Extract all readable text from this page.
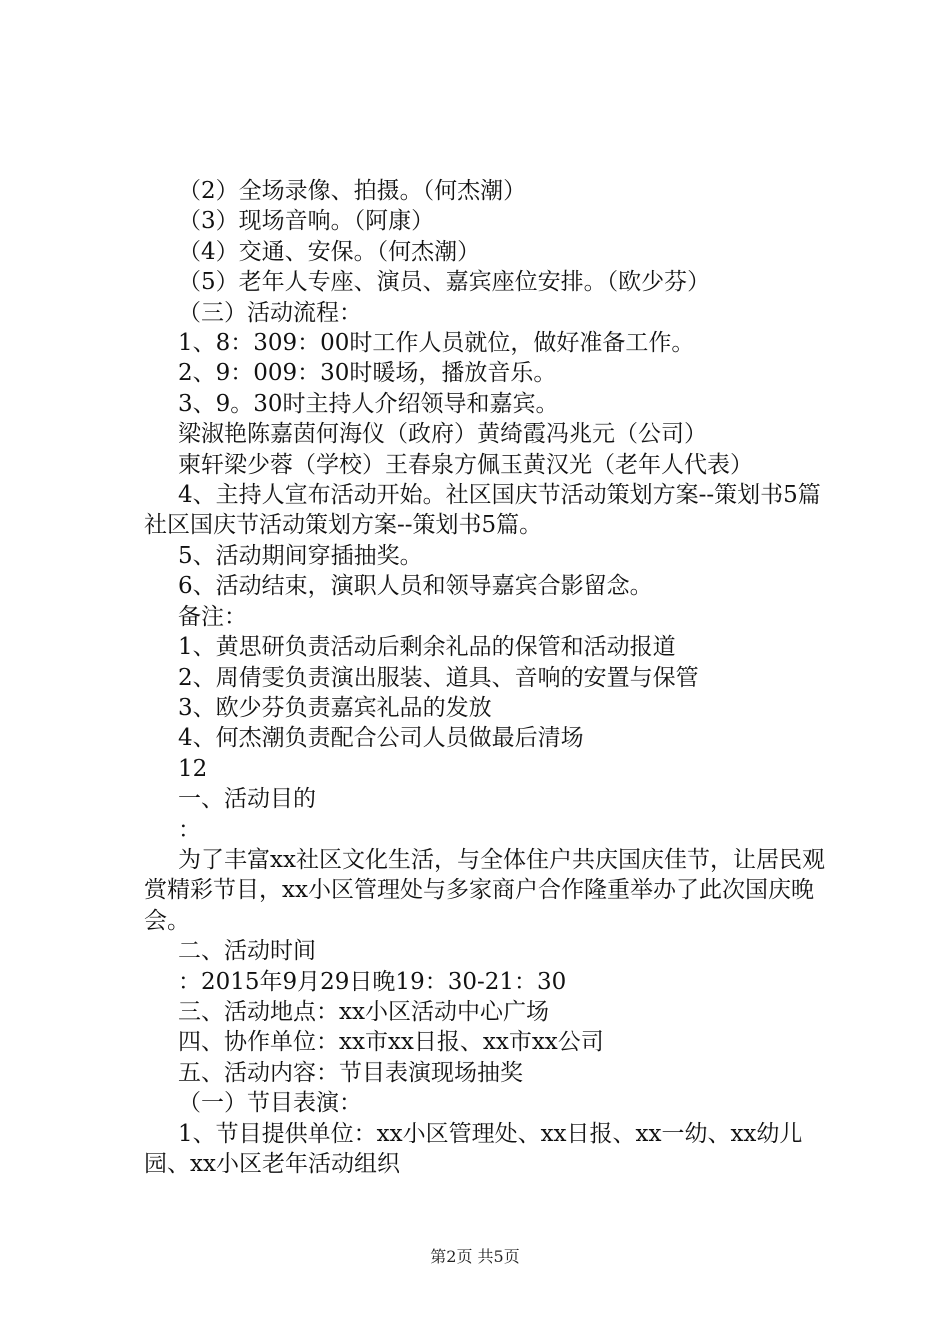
（2）全场录像、拍摄。（何杰潮）

（3）现场音响。（阿康）

（4）交通、安保。（何杰潮）

（5）老年人专座、演员、嘉宾座位安排。（欧少芬）

（三）活动流程：

1、8：309：00时工作人员就位，做好准备工作。

2、9：009：30时暖场，播放音乐。

3、9。30时主持人介绍领导和嘉宾。

梁淑艳陈嘉茵何海仪（政府）黄绮霞冯兆元（公司）

柬轩梁少蓉（学校）王春泉方佩玉黄汉光（老年人代表）

4、主持人宣布活动开始。社区国庆节活动策划方案--策划书5篇社区国庆节活动策划方案--策划书5篇。

5、活动期间穿插抽奖。

6、活动结束，演职人员和领导嘉宾合影留念。

备注：

1、黄思研负责活动后剩余礼品的保管和活动报道

2、周倩雯负责演出服装、道具、音响的安置与保管

3、欧少芬负责嘉宾礼品的发放

4、何杰潮负责配合公司人员做最后清场

12

一、活动目的

：

为了丰富xx社区文化生活，与全体住户共庆国庆佳节，让居民观赏精彩节目，xx小区管理处与多家商户合作隆重举办了此次国庆晚会。

二、活动时间

：2015年9月29日晚19：30-21：30

三、活动地点：xx小区活动中心广场

四、协作单位：xx市xx日报、xx市xx公司

五、活动内容：节目表演现场抽奖

（一）节目表演：

1、节目提供单位：xx小区管理处、xx日报、xx一幼、xx幼儿园、xx小区老年活动组织

第2页 共5页
